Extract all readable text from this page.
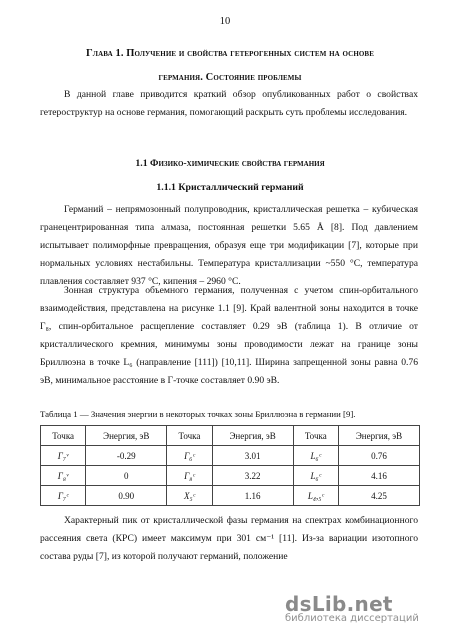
10
Глава 1. Получение и свойства гетерогенных систем на основе
германия. Состояние проблемы

В данной главе приводится краткий обзор опубликованных работ о свойствах гетероструктур на основе германия, помогающий раскрыть суть проблемы исследования.

1.1 Физико-химические свойства германия
1.1.1 Кристаллический германий

Германий – непрямозонный полупроводник, кристаллическая решетка – кубическая гранецентрированная типа алмаза, постоянная решетки 5.65 Å [8]. Под давлением испытывает полиморфные превращения, образуя еще три модификации [7], которые при нормальных условиях нестабильны. Температура кристаллизации ~550 °C, температура плавления составляет 937 °C, кипения – 2960 °C.

Зонная структура объемного германия, полученная с учетом спин-орбитального взаимодействия, представлена на рисунке 1.1 [9]. Край валентной зоны находится в точке Γ₈, спин-орбитальное расщепление составляет 0.29 эВ (таблица 1). В отличие от кристаллического кремния, минимумы зоны проводимости лежат на границе зоны Бриллюэна в точке L₆ (направление [111]) [10,11]. Ширина запрещенной зоны равна 0.76 эВ, минимальное расстояние в Г-точке составляет 0.90 эВ.

Таблица 1 — Значения энергии в некоторых точках зоны Бриллюэна в германии [9].
Точка	Энергия, эВ	Точка	Энергия, эВ	Точка	Энергия, эВ
Γ₇ᵛ	-0.29	Γ₆ᶜ	3.01	L₆ᶜ	0.76
Γ₈ᵛ	0	Γ₈ᶜ	3.22	L₆ᶜ	4.16
Γ₇ᶜ	0.90	X₅ᶜ	1.16	L₄,₅ᶜ	4.25

Характерный пик от кристаллической фазы германия на спектрах комбинационного рассеяния света (КРС) имеет максимум при 301 см⁻¹ [11]. Из-за вариации изотопного состава руды [7], из которой получают германий, положение

dsLib.net
библиотека диссертаций
